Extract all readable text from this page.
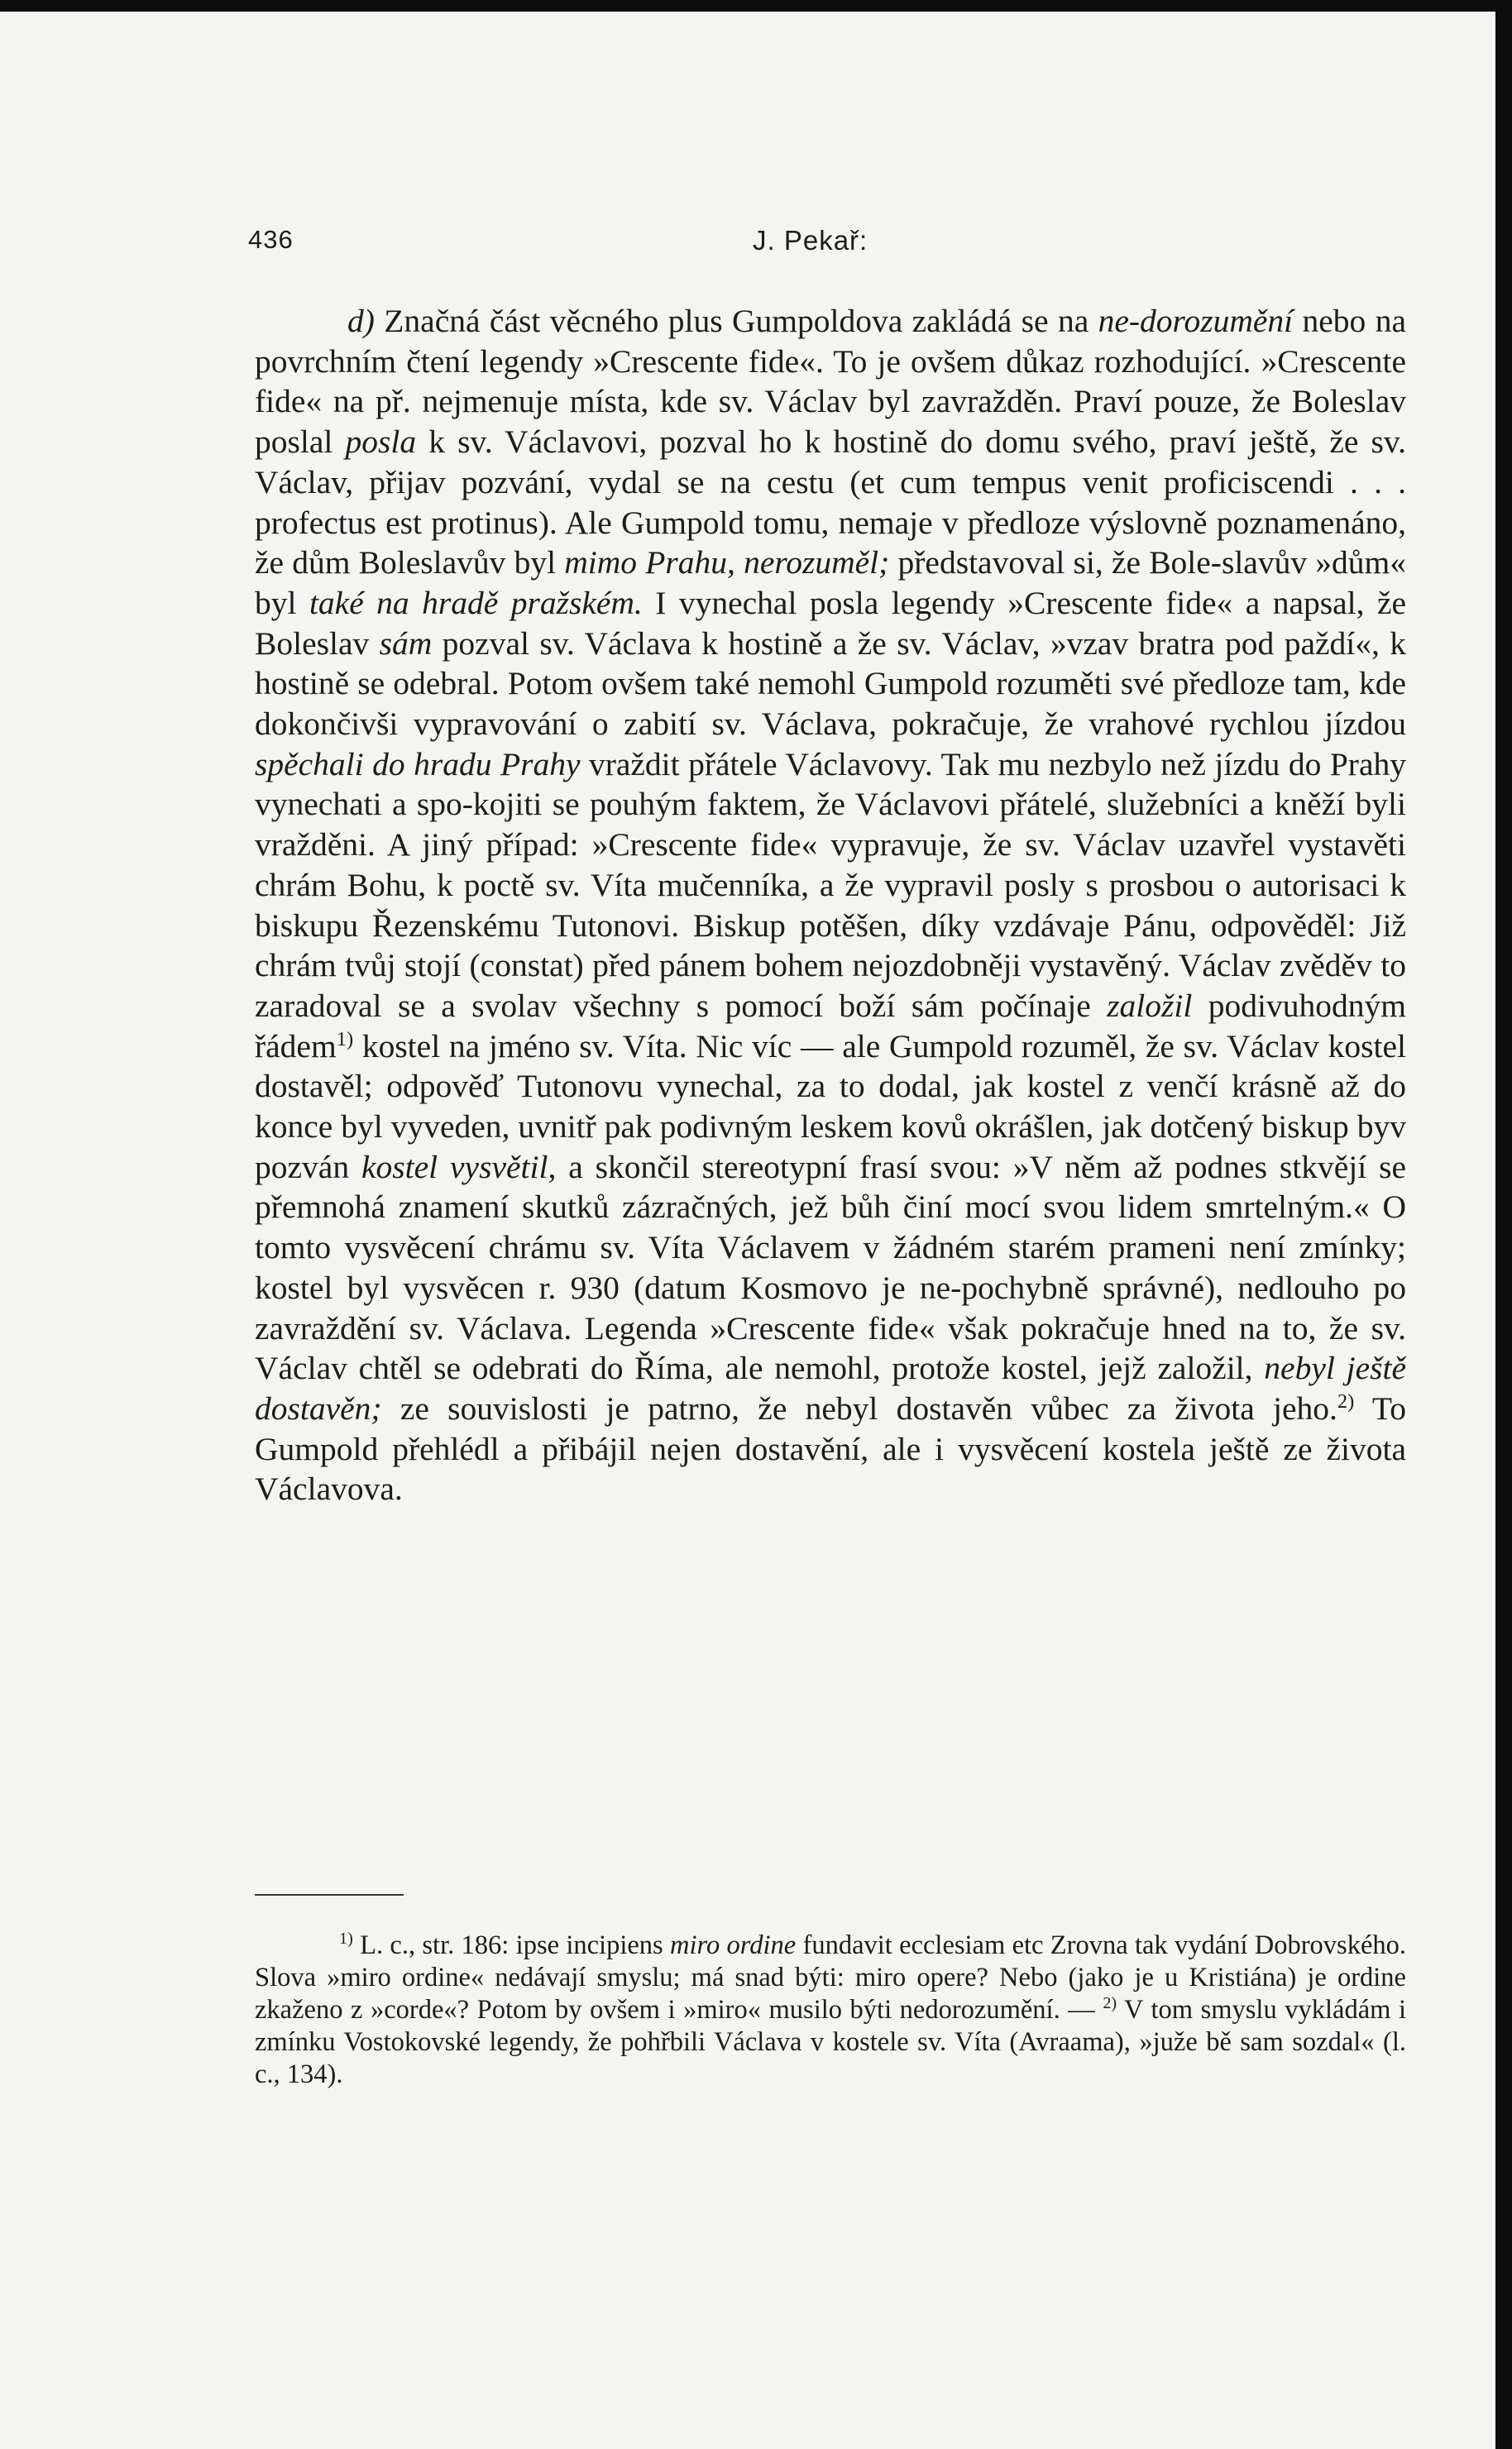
436	J. Pekař:

d) Značná část věcného plus Gumpoldova zakládá se na ne-dorozumění nebo na povrchním čtení legendy »Crescente fide«. To je ovšem důkaz rozhodující. »Crescente fide« na př. nejmenuje místa, kde sv. Václav byl zavražděn. Praví pouze, že Boleslav poslal posla k sv. Václavovi, pozval ho k hostině do domu svého, praví ještě, že sv. Václav, přijav pozvání, vydal se na cestu (et cum tempus venit proficiscendi . . . profectus est protinus). Ale Gumpold tomu, nemaje v předloze výslovně poznamenáno, že dům Boleslavův byl mimo Prahu, nerozuměl; představoval si, že Bole-slavův »dům« byl také na hradě pražském. I vynechal posla legendy »Crescente fide« a napsal, že Boleslav sám pozval sv. Václava k hostině a že sv. Václav, »vzav bratra pod paždí«, k hostině se odebral. Potom ovšem také nemohl Gumpold rozuměti své předloze tam, kde dokončivši vypravování o zabití sv. Václava, pokračuje, že vrahové rychlou jízdou spěchali do hradu Prahy vraždit přátele Václavovy. Tak mu nezbylo než jízdu do Prahy vynechati a spo-kojiti se pouhým faktem, že Václavovi přátelé, služebníci a kněží byli vražděni. A jiný případ: »Crescente fide« vypravuje, že sv. Václav uzavřel vystavěti chrám Bohu, k poctě sv. Víta mučenníka, a že vypravil posly s prosbou o autorisaci k biskupu Řezenskému Tutonovi. Biskup potěšen, díky vzdávaje Pánu, odpověděl: Již chrám tvůj stojí (constat) před pánem bohem nejozdobněji vystavěný. Václav zvěděv to zaradoval se a svolav všechny s pomocí boží sám počínaje založil podivuhodným řádem$^{1)}$ kostel na jméno sv. Víta. Nic víc — ale Gumpold rozuměl, že sv. Václav kostel dostavěl; odpověď Tutonovu vynechal, za to dodal, jak kostel z venčí krásně až do konce byl vyveden, uvnitř pak podivným leskem kovů okrášlen, jak dotčený biskup byv pozván kostel vysvětil, a skončil stereotypní frasí svou: »V něm až podnes stkvějí se přemnohá znamení skutků zázračných, jež bůh činí mocí svou lidem smrtelným.« O tomto vysvěcení chrámu sv. Víta Václavem v žádném starém prameni není zmínky; kostel byl vysvěcen r. 930 (datum Kosmovo je ne-pochybně správné), nedlouho po zavraždění sv. Václava. Legenda »Crescente fide« však pokračuje hned na to, že sv. Václav chtěl se odebrati do Říma, ale nemohl, protože kostel, jejž založil, nebyl ještě dostavěn; ze souvislosti je patrno, že nebyl dostavěn vůbec za života jeho.$^{2)}$ To Gumpold přehlédl a přibájil nejen dostavění, ale i vysvěcení kostela ještě ze života Václavova.

$^{1)}$ L. c., str. 186: ipse incipiens miro ordine fundavit ecclesiam etc Zrovna tak vydání Dobrovského. Slova »miro ordine« nedávají smyslu; má snad býti: miro opere? Nebo (jako je u Kristiána) je ordine zkaženo z »corde«? Potom by ovšem i »miro« musilo býti nedorozumění. — $^{2)}$ V tom smyslu vykládám i zmínku Vostokovské legendy, že pohřbili Václava v kostele sv. Víta (Avraama), »juže bě sam sozdal« (l. c., 134).
